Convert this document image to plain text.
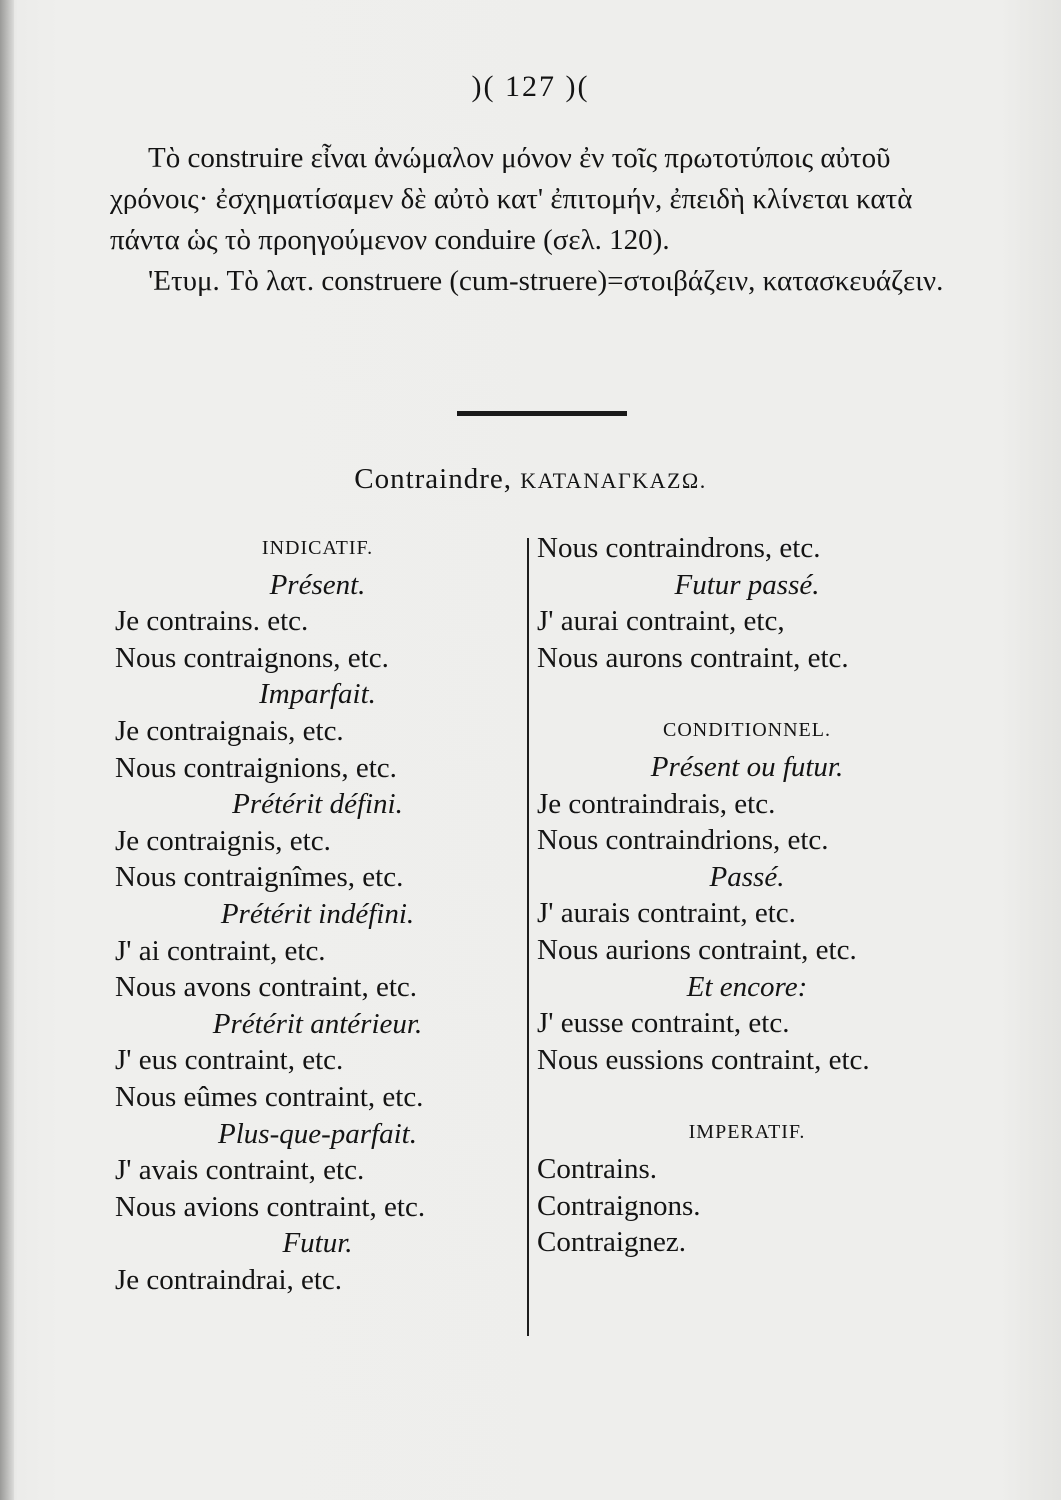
)( 127 )(

Τὸ construire εἶναι ἀνώμαλον μόνον ἐν τοῖς πρωτοτύποις αὐτοῦ χρόνοις· ἐσχηματίσαμεν δὲ αὐτὸ κατ' ἐπιτομήν, ἐπειδὴ κλίνεται κατὰ πάντα ὡς τὸ προηγούμενον conduire (σελ. 120).

'Ετυμ. Τὸ λατ. construere (cum-struere)=στοιβάζειν, κατασκευάζειν.

Contraindre, ΚΑΤΑΝΑΓΚΑΖΩ.
INDICATIF.
Présent.
Je contrains. etc.
Nous contraignons, etc.
Imparfait.
Je contraignais, etc.
Nous contraignions, etc.
Prétérit défini.
Je contraignis, etc.
Nous contraignîmes, etc.
Prétérit indéfini.
J' ai contraint, etc.
Nous avons contraint, etc.
Prétérit antérieur.
J' eus contraint, etc.
Nous eûmes contraint, etc.
Plus-que-parfait.
J' avais contraint, etc.
Nous avions contraint, etc.
Futur.
Je contraindrai, etc.
Nous contraindrons, etc.
Futur passé.
J' aurai contraint, etc,
Nous aurons contraint, etc.
CONDITIONNEL.
Présent ou futur.
Je contraindrais, etc.
Nous contraindrions, etc.
Passé.
J' aurais contraint, etc.
Nous aurions contraint, etc.
Et encore:
J' eusse contraint, etc.
Nous eussions contraint, etc.
IMPERATIF.
Contrains.
Contraignons.
Contraignez.
